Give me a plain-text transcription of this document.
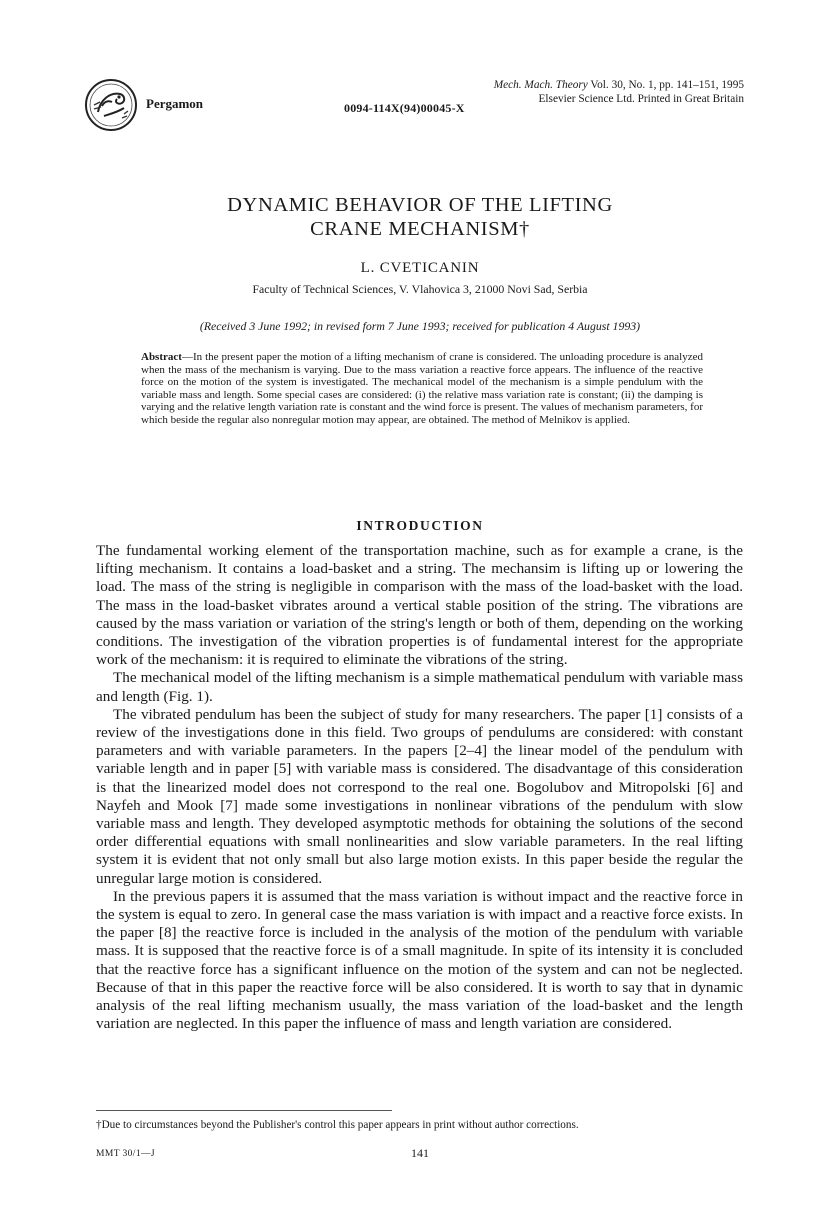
Pergamon	0094-114X(94)00045-X
Mech. Mach. Theory Vol. 30, No. 1, pp. 141–151, 1995
Elsevier Science Ltd. Printed in Great Britain
DYNAMIC BEHAVIOR OF THE LIFTING
CRANE MECHANISM†
L. CVETICANIN
Faculty of Technical Sciences, V. Vlahovica 3, 21000 Novi Sad, Serbia
(Received 3 June 1992; in revised form 7 June 1993; received for publication 4 August 1993)
Abstract—In the present paper the motion of a lifting mechanism of crane is considered. The unloading procedure is analyzed when the mass of the mechanism is varying. Due to the mass variation a reactive force appears. The influence of the reactive force on the motion of the system is investigated. The mechanical model of the mechanism is a simple pendulum with the variable mass and length. Some special cases are considered: (i) the relative mass variation rate is constant; (ii) the damping is varying and the relative length variation rate is constant and the wind force is present. The values of mechanism parameters, for which beside the regular also nonregular motion may appear, are obtained. The method of Melnikov is applied.
INTRODUCTION

The fundamental working element of the transportation machine, such as for example a crane, is the lifting mechanism. It contains a load-basket and a string. The mechansim is lifting up or lowering the load. The mass of the string is negligible in comparison with the mass of the load-basket with the load. The mass in the load-basket vibrates around a vertical stable position of the string. The vibrations are caused by the mass variation or variation of the string's length or both of them, depending on the working conditions. The investigation of the vibration properties is of fundamental interest for the appropriate work of the mechanism: it is required to eliminate the vibrations of the string.

The mechanical model of the lifting mechanism is a simple mathematical pendulum with variable mass and length (Fig. 1).

The vibrated pendulum has been the subject of study for many researchers. The paper [1] consists of a review of the investigations done in this field. Two groups of pendulums are considered: with constant parameters and with variable parameters. In the papers [2–4] the linear model of the pendulum with variable length and in paper [5] with variable mass is considered. The disadvantage of this consideration is that the linearized model does not correspond to the real one. Bogolubov and Mitropolski [6] and Nayfeh and Mook [7] made some investigations in nonlinear vibrations of the pendulum with slow variable mass and length. They developed asymptotic methods for obtaining the solutions of the second order differential equations with small nonlinearities and slow variable parameters. In the real lifting system it is evident that not only small but also large motion exists. In this paper beside the regular the unregular large motion is considered.

In the previous papers it is assumed that the mass variation is without impact and the reactive force in the system is equal to zero. In general case the mass variation is with impact and a reactive force exists. In the paper [8] the reactive force is included in the analysis of the motion of the pendulum with variable mass. It is supposed that the reactive force is of a small magnitude. In spite of its intensity it is concluded that the reactive force has a significant influence on the motion of the system and can not be neglected. Because of that in this paper the reactive force will be also considered. It is worth to say that in dynamic analysis of the real lifting mechanism usually, the mass variation of the load-basket and the length variation are neglected. In this paper the influence of mass and length variation are considered.

†Due to circumstances beyond the Publisher's control this paper appears in print without author corrections.
MMT 30/1—J	141
